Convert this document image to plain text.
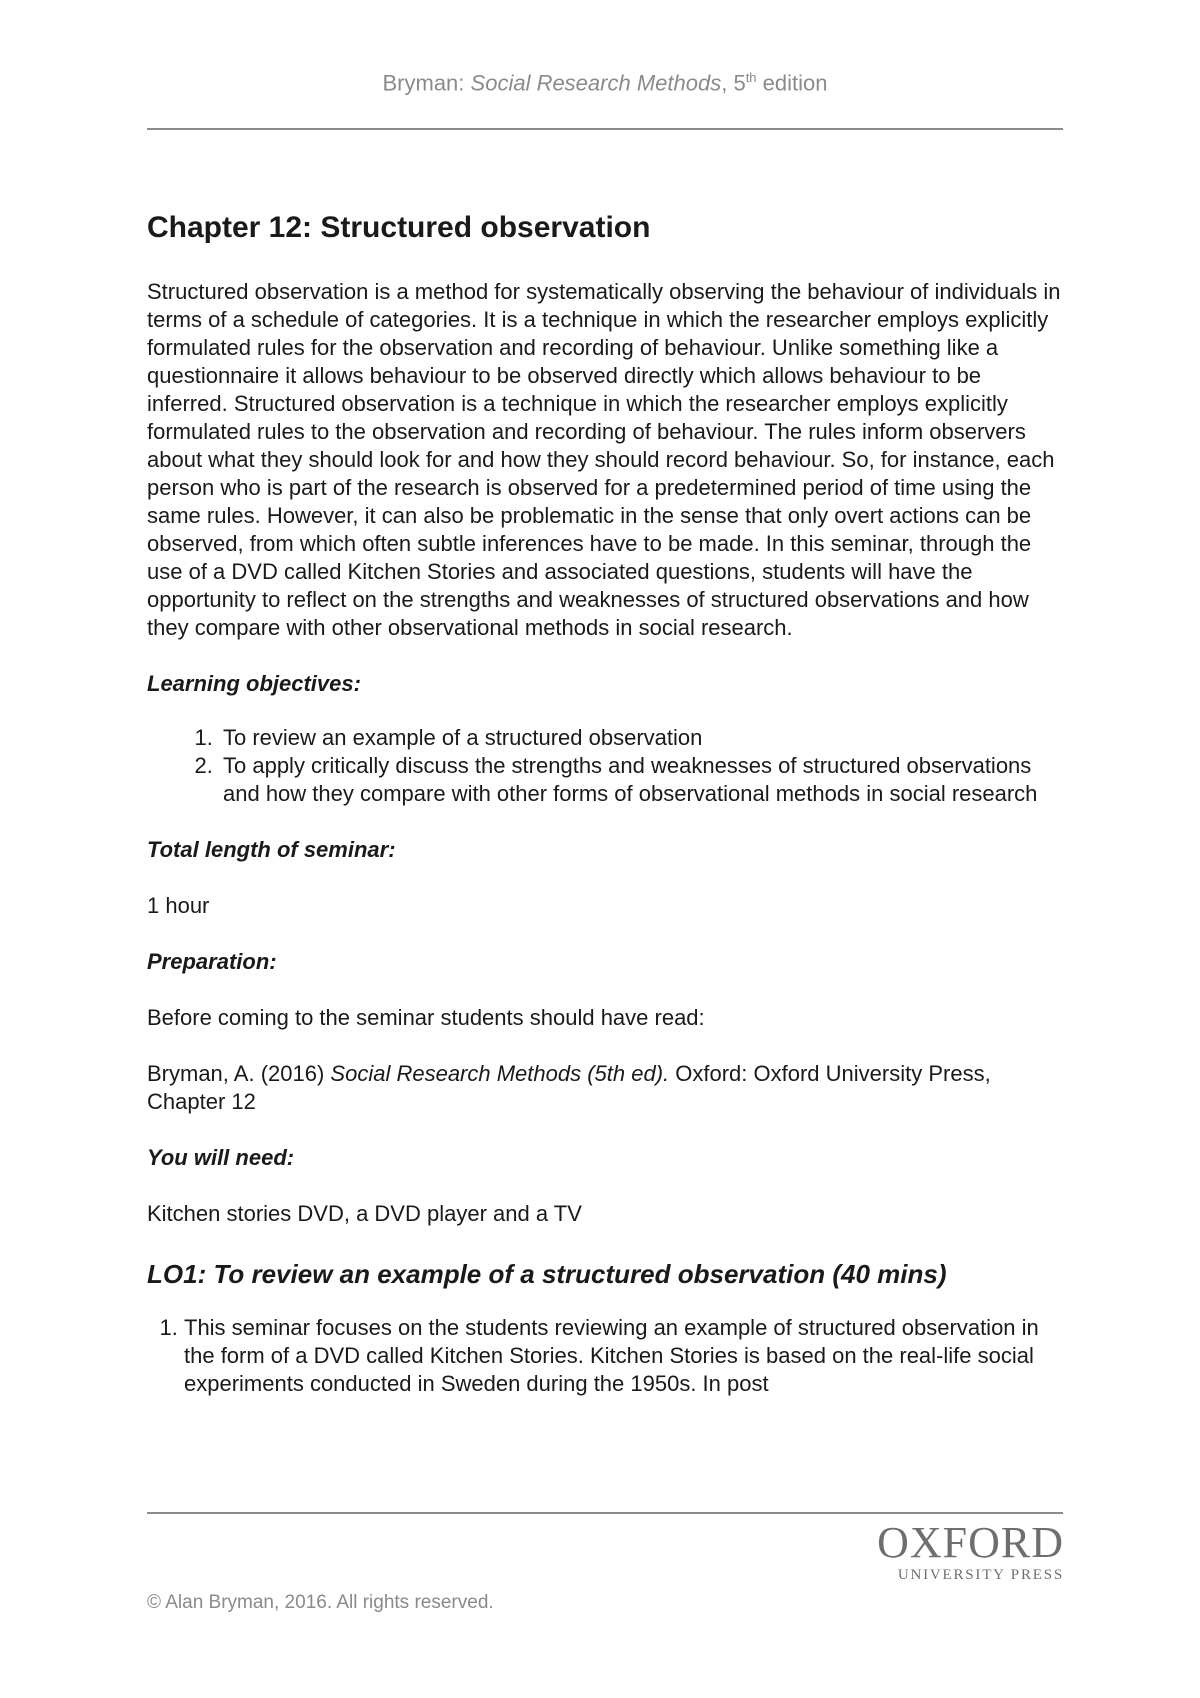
Bryman: Social Research Methods, 5th edition
Chapter 12: Structured observation

Structured observation is a method for systematically observing the behaviour of individuals in terms of a schedule of categories. It is a technique in which the researcher employs explicitly formulated rules for the observation and recording of behaviour. Unlike something like a questionnaire it allows behaviour to be observed directly which allows behaviour to be inferred. Structured observation is a technique in which the researcher employs explicitly formulated rules to the observation and recording of behaviour. The rules inform observers about what they should look for and how they should record behaviour. So, for instance, each person who is part of the research is observed for a predetermined period of time using the same rules. However, it can also be problematic in the sense that only overt actions can be observed, from which often subtle inferences have to be made. In this seminar, through the use of a DVD called Kitchen Stories and associated questions, students will have the opportunity to reflect on the strengths and weaknesses of structured observations and how they compare with other observational methods in social research.

Learning objectives:

1. To review an example of a structured observation
2. To apply critically discuss the strengths and weaknesses of structured observations and how they compare with other forms of observational methods in social research

Total length of seminar:

1 hour

Preparation:

Before coming to the seminar students should have read:

Bryman, A. (2016) Social Research Methods (5th ed). Oxford: Oxford University Press, Chapter 12

You will need:

Kitchen stories DVD, a DVD player and a TV

LO1: To review an example of a structured observation (40 mins)
1. This seminar focuses on the students reviewing an example of structured observation in the form of a DVD called Kitchen Stories. Kitchen Stories is based on the real-life social experiments conducted in Sweden during the 1950s. In post
OXFORD
UNIVERSITY PRESS
© Alan Bryman, 2016. All rights reserved.
